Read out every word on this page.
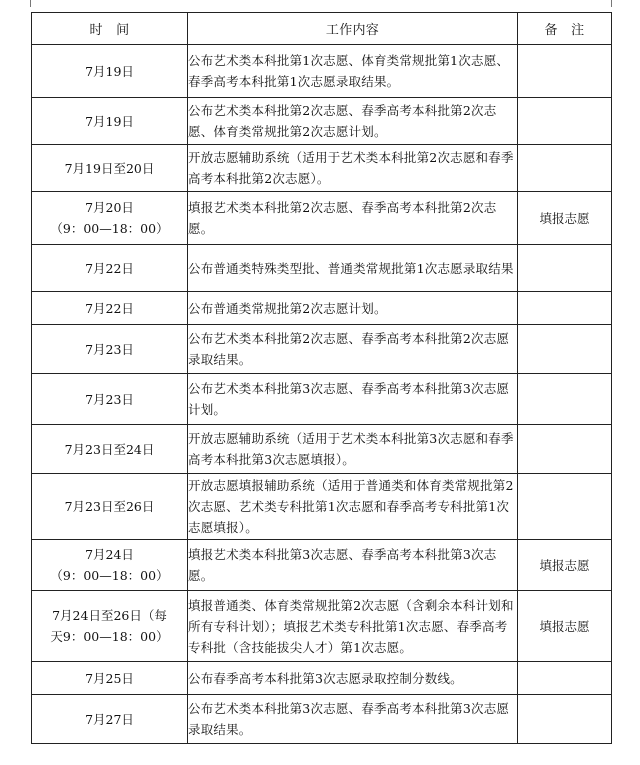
时　间	工作内容	备　注

7月19日	公布艺术类本科批第1次志愿、体育类常规批第1次志愿、春季高考本科批第1次志愿录取结果。	

7月19日	公布艺术类本科批第2次志愿、春季高考本科批第2次志愿、体育类常规批第2次志愿计划。	

7月19日至20日	开放志愿辅助系统（适用于艺术类本科批第2次志愿和春季高考本科批第2次志愿）。	

7月20日
（9：00—18：00）	填报艺术类本科批第2次志愿、春季高考本科批第2次志愿。	填报志愿

7月22日	公布普通类特殊类型批、普通类常规批第1次志愿录取结果	

7月22日	公布普通类常规批第2次志愿计划。	

7月23日	公布艺术类本科批第2次志愿、春季高考本科批第2次志愿录取结果。	

7月23日	公布艺术类本科批第3次志愿、春季高考本科批第3次志愿计划。	

7月23日至24日	开放志愿辅助系统（适用于艺术类本科批第3次志愿和春季高考本科批第3次志愿填报）。	

7月23日至26日	开放志愿填报辅助系统（适用于普通类和体育类常规批第2次志愿、艺术类专科批第1次志愿和春季高考专科批第1次志愿填报）。	

7月24日
（9：00—18：00）	填报艺术类本科批第3次志愿、春季高考本科批第3次志愿。	填报志愿

7月24日至26日（每
天9：00—18：00）	填报普通类、体育类常规批第2次志愿（含剩余本科计划和所有专科计划）；填报艺术类专科批第1次志愿、春季高考专科批（含技能拔尖人才）第1次志愿。	填报志愿

7月25日	公布春季高考本科批第3次志愿录取控制分数线。	

7月27日	公布艺术类本科批第3次志愿、春季高考本科批第3次志愿录取结果。	
